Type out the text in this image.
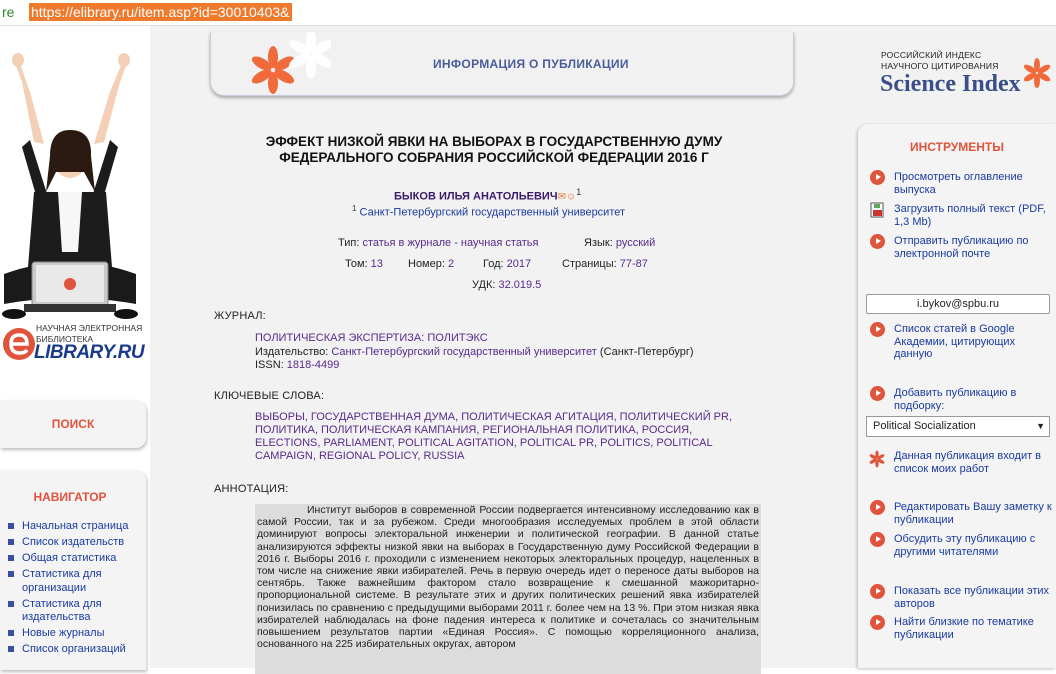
re https://elibrary.ru/item.asp?id=30010403&
НАУЧНАЯ ЭЛЕКТРОННАЯ БИБЛИОТЕКА
LIBRARY.RU
ПОИСК
НАВИГАТОР
Начальная страница
Список издательств
Общая статистика
Статистика для организации
Статистика для издательства
Новые журналы
Список организаций
ИНФОРМАЦИЯ О ПУБЛИКАЦИИ
ЭФФЕКТ НИЗКОЙ ЯВКИ НА ВЫБОРАХ В ГОСУДАРСТВЕННУЮ ДУМУ ФЕДЕРАЛЬНОГО СОБРАНИЯ РОССИЙСКОЙ ФЕДЕРАЦИИ 2016 Г
БЫКОВ ИЛЬЯ АНАТОЛЬЕВИЧ✉☺$^1$
$^1$ Санкт-Петербургский государственный университет
Тип: статья в журнале - научная статья	Язык: русский
Том: 13 Номер: 2	Год: 2017	Страницы: 77-87
УДК: 32.019.5
ЖУРНАЛ:
ПОЛИТИЧЕСКАЯ ЭКСПЕРТИЗА: ПОЛИТЭКС
Издательство: Санкт-Петербургский государственный университет (Санкт-Петербург)
ISSN: 1818-4499
КЛЮЧЕВЫЕ СЛОВА:
ВЫБОРЫ, ГОСУДАРСТВЕННАЯ ДУМА, ПОЛИТИЧЕСКАЯ АГИТАЦИЯ, ПОЛИТИЧЕСКИЙ PR, ПОЛИТИКА, ПОЛИТИЧЕСКАЯ КАМПАНИЯ, РЕГИОНАЛЬНАЯ ПОЛИТИКА, РОССИЯ, ELECTIONS, PARLIAMENT, POLITICAL AGITATION, POLITICAL PR, POLITICS, POLITICAL CAMPAIGN, REGIONAL POLICY, RUSSIA
АННОТАЦИЯ:
Институт выборов в современной России подвергается интенсивному исследованию как в самой России, так и за рубежом. Среди многообразия исследуемых проблем в этой области доминируют вопросы электоральной инженерии и политической географии. В данной статье анализируются эффекты низкой явки на выборах в Государственную думу Российской Федерации в 2016 г. Выборы 2016 г. проходили с изменением некоторых электоральных процедур, нацеленных в том числе на снижение явки избирателей. Речь в первую очередь идет о переносе даты выборов на сентябрь. Также важнейшим фактором стало возвращение к смешанной мажоритарно-пропорциональной системе. В результате этих и других политических решений явка избирателей понизилась по сравнению с предыдущими выборами 2011 г. более чем на 13 %. При этом низкая явка избирателей наблюдалась на фоне падения интереса к политике и сочеталась со значительным повышением результатов партии «Единая Россия». С помощью корреляционного анализа, основанного на 225 избирательных округах, автором
РОССИЙСКИЙ ИНДЕКС
НАУЧНОГО ЦИТИРОВАНИЯ
Science Index
ИНСТРУМЕНТЫ
Просмотреть оглавление выпуска
Загрузить полный текст (PDF, 1,3 Mb)
Отправить публикацию по электронной почте
i.bykov@spbu.ru
Список статей в Google Академии, цитирующих данную
Добавить публикацию в подборку:
Political Socialization	▼
Данная публикация входит в список моих работ
Редактировать Вашу заметку к публикации
Обсудить эту публикацию с другими читателями
Показать все публикации этих авторов
Найти близкие по тематике публикации
